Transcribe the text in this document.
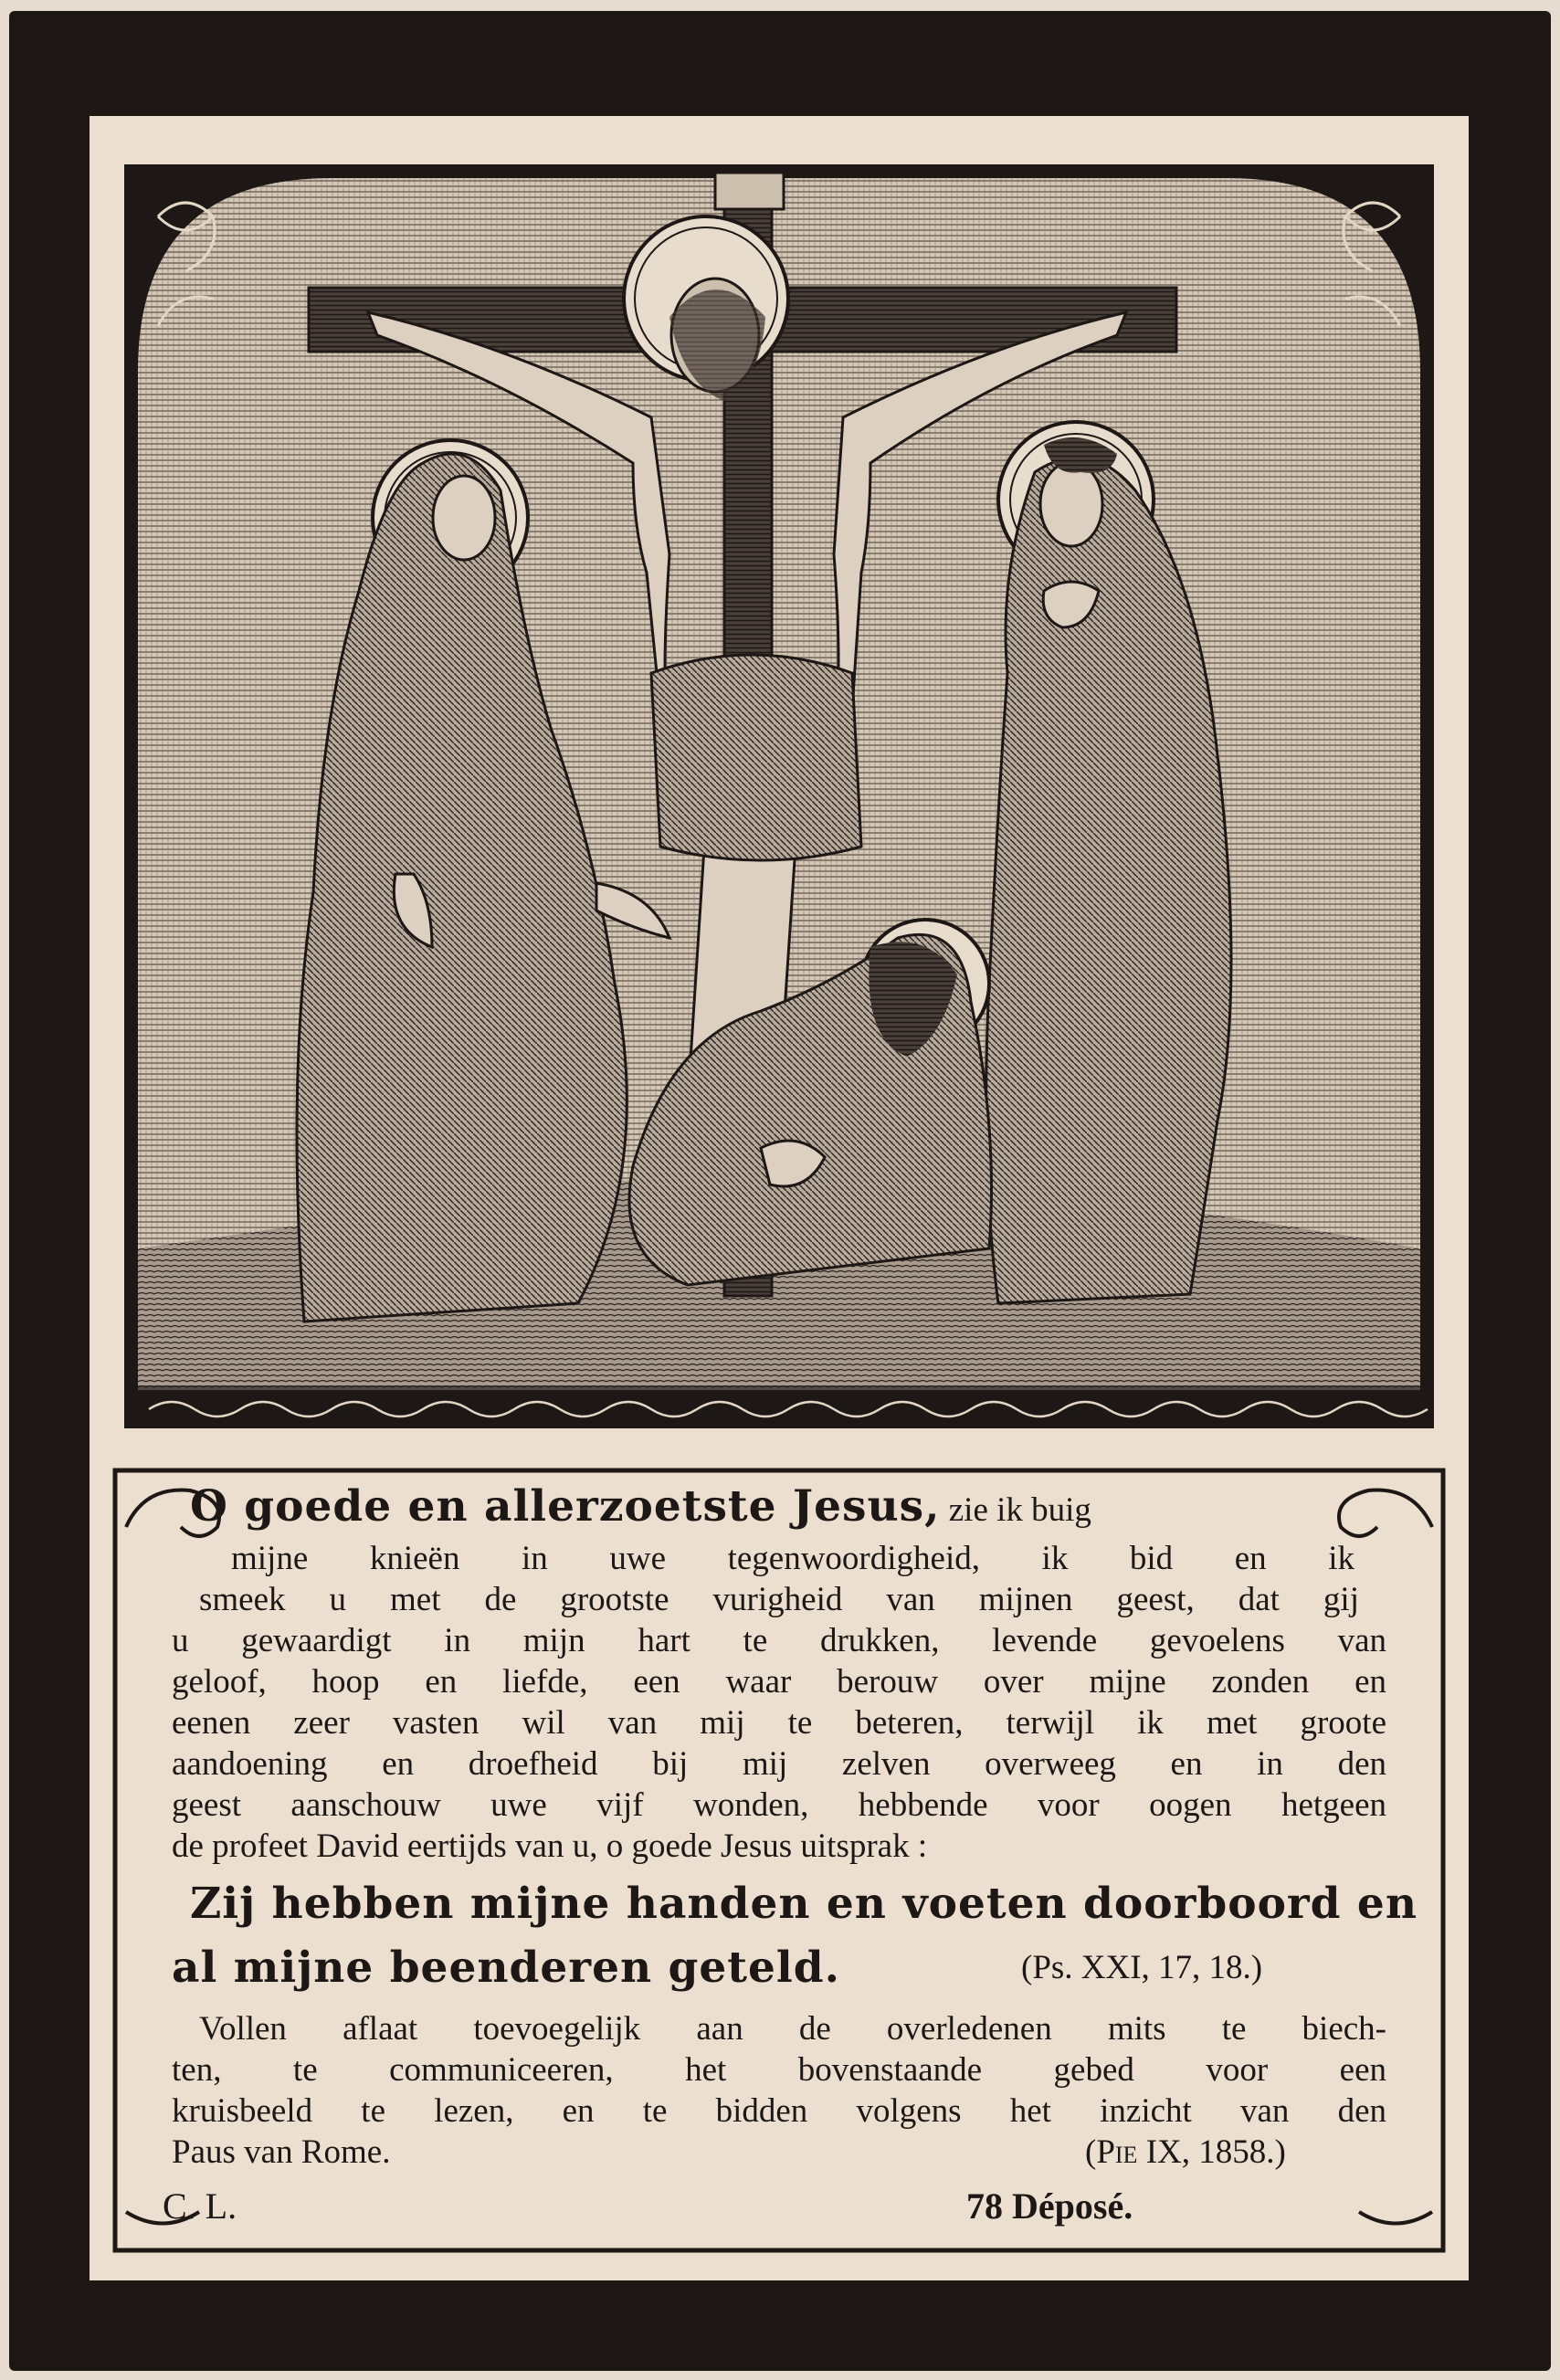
O goede en allerzoetste Jesus, zie ik buig
mijne knieën in uwe tegenwoordigheid, ik bid en ik
smeek u met de grootste vurigheid van mijnen geest, dat gij
u gewaardigt in mijn hart te drukken, levende gevoelens van
geloof, hoop en liefde, een waar berouw over mijne zonden en
eenen zeer vasten wil van mij te beteren, terwijl ik met groote
aandoening en droefheid bij mij zelven overweeg en in den
geest aanschouw uwe vijf wonden, hebbende voor oogen hetgeen
de profeet David eertijds van u, o goede Jesus uitsprak :
Zij hebben mijne handen en voeten doorboord en
al mijne beenderen geteld.	(Ps. XXI, 17, 18.)
Vollen aflaat toevoegelijk aan de overledenen mits te biech-
ten, te communiceeren, het bovenstaande gebed voor een
kruisbeeld te lezen, en te bidden volgens het inzicht van den
Paus van Rome.	(Pie IX, 1858.)
C. L.	78 Déposé.
